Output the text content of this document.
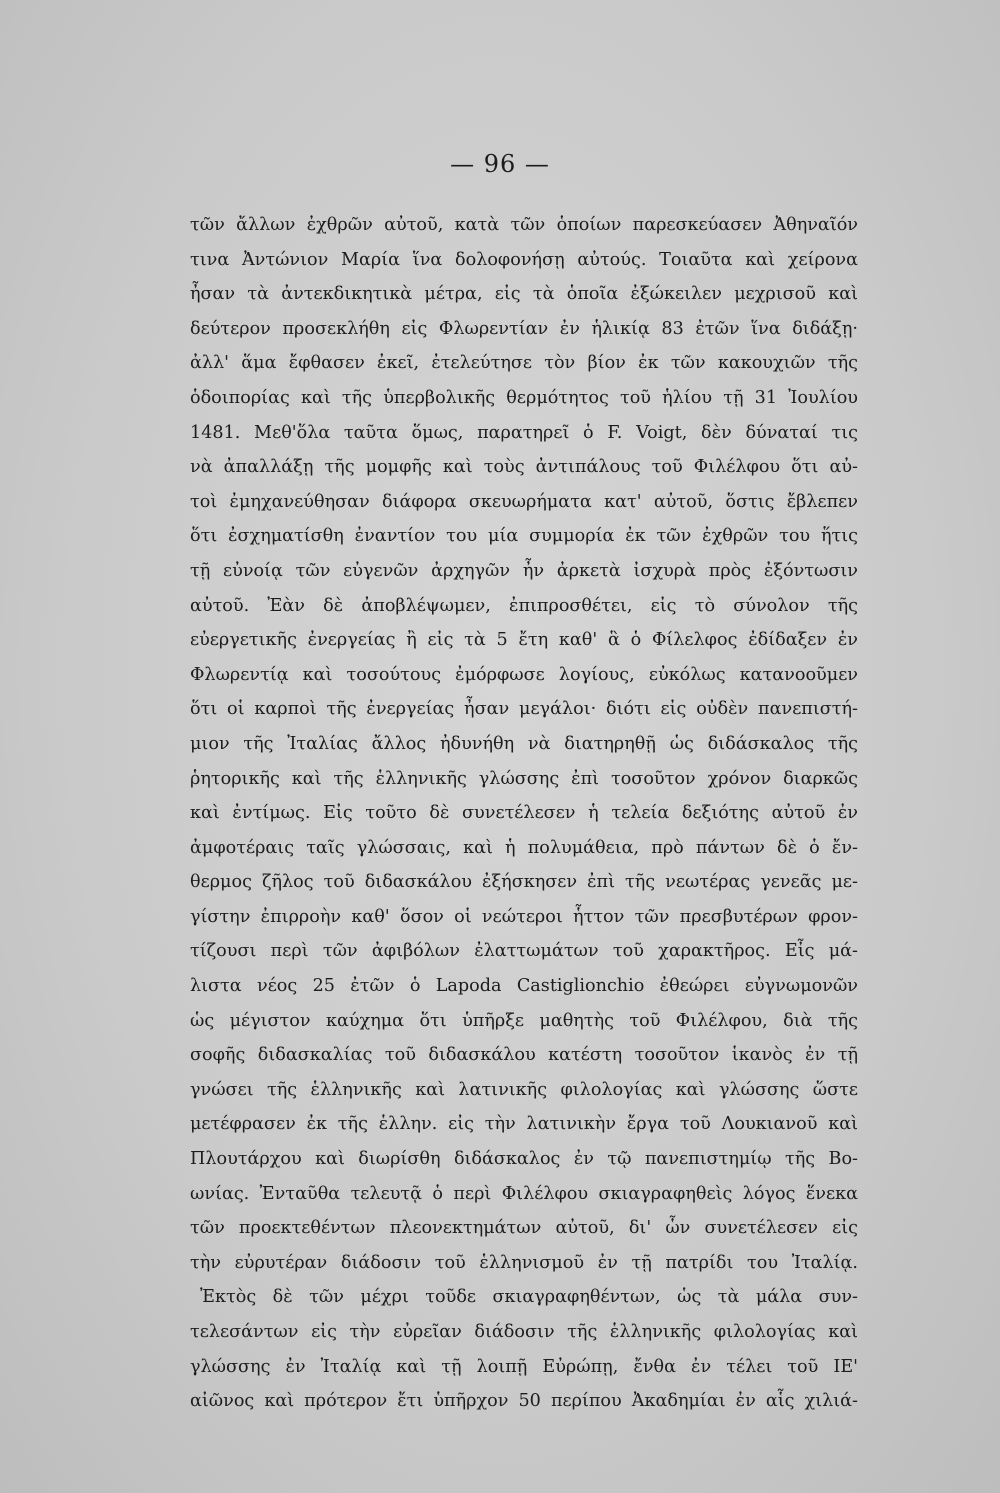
— 96 —
τῶν ἄλλων ἐχθρῶν αὐτοῦ, κατὰ τῶν ὁποίων παρεσκεύασεν Ἀθηναῖόν
τινα Ἀντώνιον Μαρία ἵνα δολοφονήσῃ αὐτούς. Τοιαῦτα καὶ χείρονα
ἦσαν τὰ ἀντεκδικητικὰ μέτρα, εἰς τὰ ὁποῖα ἐξώκειλεν μεχρισοῦ καὶ
δεύτερον προσεκλήθη εἰς Φλωρεντίαν ἐν ἡλικίᾳ 83 ἐτῶν ἵνα διδάξῃ·
ἀλλ' ἅμα ἔφθασεν ἐκεῖ, ἐτελεύτησε τὸν βίον ἐκ τῶν κακουχιῶν τῆς
ὁδοιπορίας καὶ τῆς ὑπερβολικῆς θερμότητος τοῦ ἡλίου τῇ 31 Ἰουλίου
1481. Μεθ'ὅλα ταῦτα ὅμως, παρατηρεῖ ὁ F. Voigt, δὲν δύναταί τις
νὰ ἀπαλλάξῃ τῆς μομφῆς καὶ τοὺς ἀντιπάλους τοῦ Φιλέλφου ὅτι αὐ-
τοὶ ἐμηχανεύθησαν διάφορα σκευωρήματα κατ' αὐτοῦ, ὅστις ἔβλεπεν
ὅτι ἐσχηματίσθη ἐναντίον του μία συμμορία ἐκ τῶν ἐχθρῶν του ἥτις
τῇ εὐνοίᾳ τῶν εὐγενῶν ἀρχηγῶν ἦν ἀρκετὰ ἰσχυρὰ πρὸς ἐξόντωσιν
αὐτοῦ. Ἐὰν δὲ ἀποβλέψωμεν, ἐπιπροσθέτει, εἰς τὸ σύνολον τῆς
εὐεργετικῆς ἐνεργείας ἢ εἰς τὰ 5 ἔτη καθ' ἃ ὁ Φίλελφος ἐδίδαξεν ἐν
Φλωρεντίᾳ καὶ τοσούτους ἐμόρφωσε λογίους, εὐκόλως κατανοοῦμεν
ὅτι οἱ καρποὶ τῆς ἐνεργείας ἦσαν μεγάλοι· διότι εἰς οὐδὲν πανεπιστή-
μιον τῆς Ἰταλίας ἄλλος ἠδυνήθη νὰ διατηρηθῇ ὡς διδάσκαλος τῆς
ῥητορικῆς καὶ τῆς ἑλληνικῆς γλώσσης ἐπὶ τοσοῦτον χρόνον διαρκῶς
καὶ ἐντίμως. Εἰς τοῦτο δὲ συνετέλεσεν ἡ τελεία δεξιότης αὐτοῦ ἐν
ἀμφοτέραις ταῖς γλώσσαις, καὶ ἡ πολυμάθεια, πρὸ πάντων δὲ ὁ ἔν-
θερμος ζῆλος τοῦ διδασκάλου ἐξήσκησεν ἐπὶ τῆς νεωτέρας γενεᾶς με-
γίστην ἐπιρροὴν καθ' ὅσον οἱ νεώτεροι ἧττον τῶν πρεσβυτέρων φρον-
τίζουσι περὶ τῶν ἀφιβόλων ἐλαττωμάτων τοῦ χαρακτῆρος. Εἶς μά-
λιστα νέος 25 ἐτῶν ὁ Lapoda Castiglionchio ἐθεώρει εὐγνωμονῶν
ὡς μέγιστον καύχημα ὅτι ὑπῆρξε μαθητὴς τοῦ Φιλέλφου, διὰ τῆς
σοφῆς διδασκαλίας τοῦ διδασκάλου κατέστη τοσοῦτον ἱκανὸς ἐν τῇ
γνώσει τῆς ἑλληνικῆς καὶ λατινικῆς φιλολογίας καὶ γλώσσης ὥστε
μετέφρασεν ἐκ τῆς ἑλλην. εἰς τὴν λατινικὴν ἔργα τοῦ Λουκιανοῦ καὶ
Πλουτάρχου καὶ διωρίσθη διδάσκαλος ἐν τῷ πανεπιστημίῳ τῆς Βο-
ωνίας. Ἐνταῦθα τελευτᾷ ὁ περὶ Φιλέλφου σκιαγραφηθεὶς λόγος ἕνεκα
τῶν προεκτεθέντων πλεονεκτημάτων αὐτοῦ, δι' ὧν συνετέλεσεν εἰς
τὴν εὐρυτέραν διάδοσιν τοῦ ἑλληνισμοῦ ἐν τῇ πατρίδι του Ἰταλίᾳ.
Ἐκτὸς δὲ τῶν μέχρι τοῦδε σκιαγραφηθέντων, ὡς τὰ μάλα συν-
τελεσάντων εἰς τὴν εὐρεῖαν διάδοσιν τῆς ἑλληνικῆς φιλολογίας καὶ
γλώσσης ἐν Ἰταλίᾳ καὶ τῇ λοιπῇ Εὐρώπῃ, ἔνθα ἐν τέλει τοῦ ΙΕ'
αἰῶνος καὶ πρότερον ἔτι ὑπῆρχον 50 περίπου Ἀκαδημίαι ἐν αἷς χιλιά-
